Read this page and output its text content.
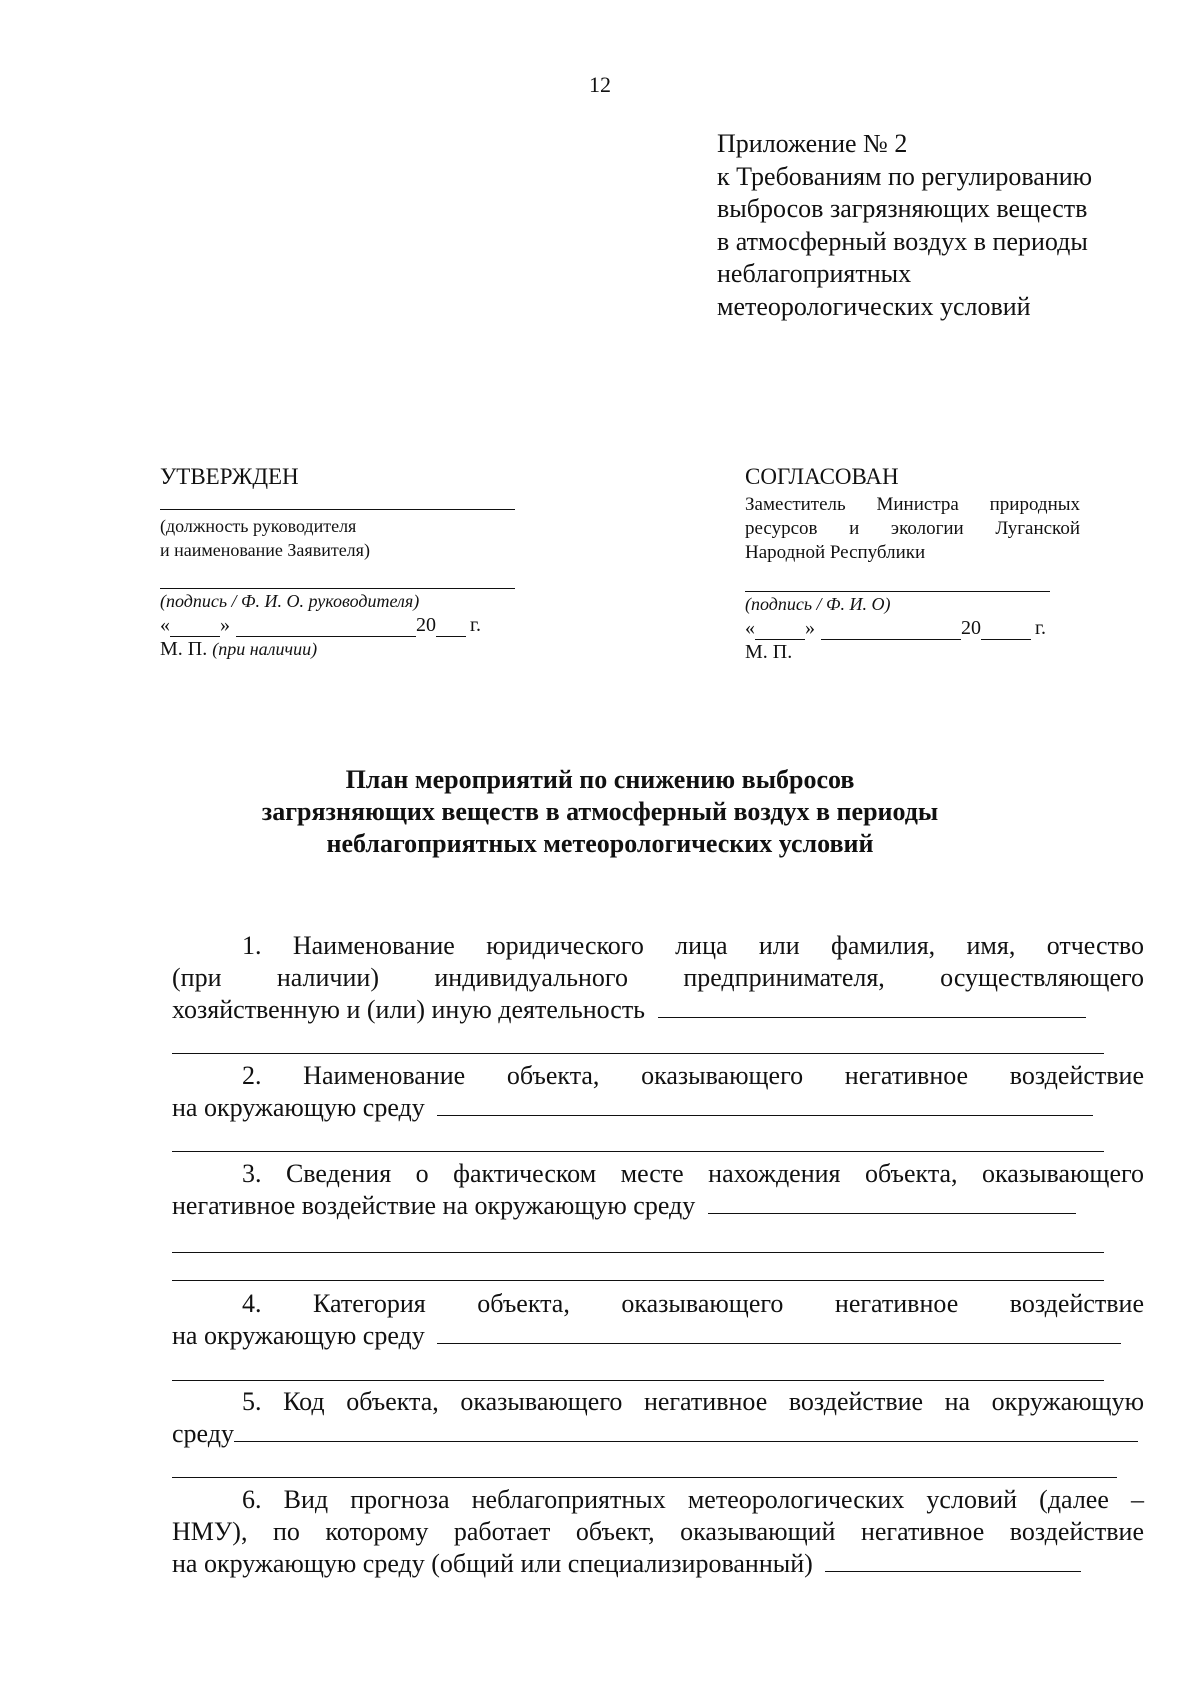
12
Приложение № 2
к Требованиям по регулированию
выбросов загрязняющих веществ
в атмосферный воздух в периоды
неблагоприятных
метеорологических условий
УТВЕРЖДЕН
(должность руководителя
и наименование Заявителя)
(подпись / Ф. И. О. руководителя)
«	»	20 г.
М. П. (при наличии)
СОГЛАСОВАН
Заместитель Министра природных
ресурсов и экологии Луганской
Народной Республики
(подпись / Ф. И. О)
«	»	20	г.
М. П.
План мероприятий по снижению выбросов
загрязняющих веществ в атмосферный воздух в периоды
неблагоприятных метеорологических условий
1. Наименование юридического лица или фамилия, имя, отчество
(при наличии) индивидуального предпринимателя, осуществляющего
хозяйственную и (или) иную деятельность
2. Наименование объекта, оказывающего негативное воздействие
на окружающую среду
3. Сведения о фактическом месте нахождения объекта, оказывающего
негативное воздействие на окружающую среду
4. Категория объекта, оказывающего негативное воздействие
на окружающую среду
5. Код объекта, оказывающего негативное воздействие на окружающую
среду
6. Вид прогноза неблагоприятных метеорологических условий (далее –
НМУ), по которому работает объект, оказывающий негативное воздействие
на окружающую среду (общий или специализированный)
